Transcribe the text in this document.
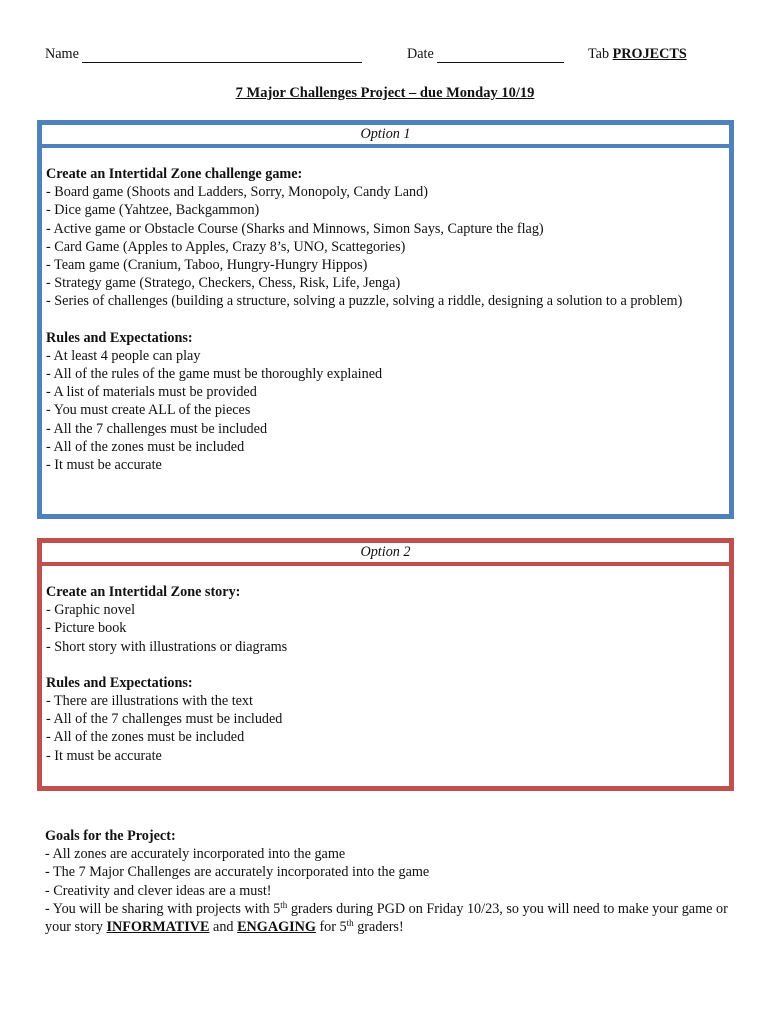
Name	Date	Tab PROJECTS
7 Major Challenges Project – due Monday 10/19
Option 1
Create an Intertidal Zone challenge game:
- Board game (Shoots and Ladders, Sorry, Monopoly, Candy Land)
- Dice game (Yahtzee, Backgammon)
- Active game or Obstacle Course (Sharks and Minnows, Simon Says, Capture the flag)
- Card Game (Apples to Apples, Crazy 8’s, UNO, Scattegories)
- Team game (Cranium, Taboo, Hungry-Hungry Hippos)
- Strategy game (Stratego, Checkers, Chess, Risk, Life, Jenga)
- Series of challenges (building a structure, solving a puzzle, solving a riddle, designing a solution to a problem)
Rules and Expectations:
- At least 4 people can play
- All of the rules of the game must be thoroughly explained
- A list of materials must be provided
- You must create ALL of the pieces
- All the 7 challenges must be included
- All of the zones must be included
- It must be accurate
Option 2
Create an Intertidal Zone story:
- Graphic novel
- Picture book
- Short story with illustrations or diagrams
Rules and Expectations:
- There are illustrations with the text
- All of the 7 challenges must be included
- All of the zones must be included
- It must be accurate
Goals for the Project:
- All zones are accurately incorporated into the game
- The 7 Major Challenges are accurately incorporated into the game
- Creativity and clever ideas are a must!
- You will be sharing with projects with 5th graders during PGD on Friday 10/23, so you will need to make your game or your story INFORMATIVE and ENGAGING for 5th graders!
